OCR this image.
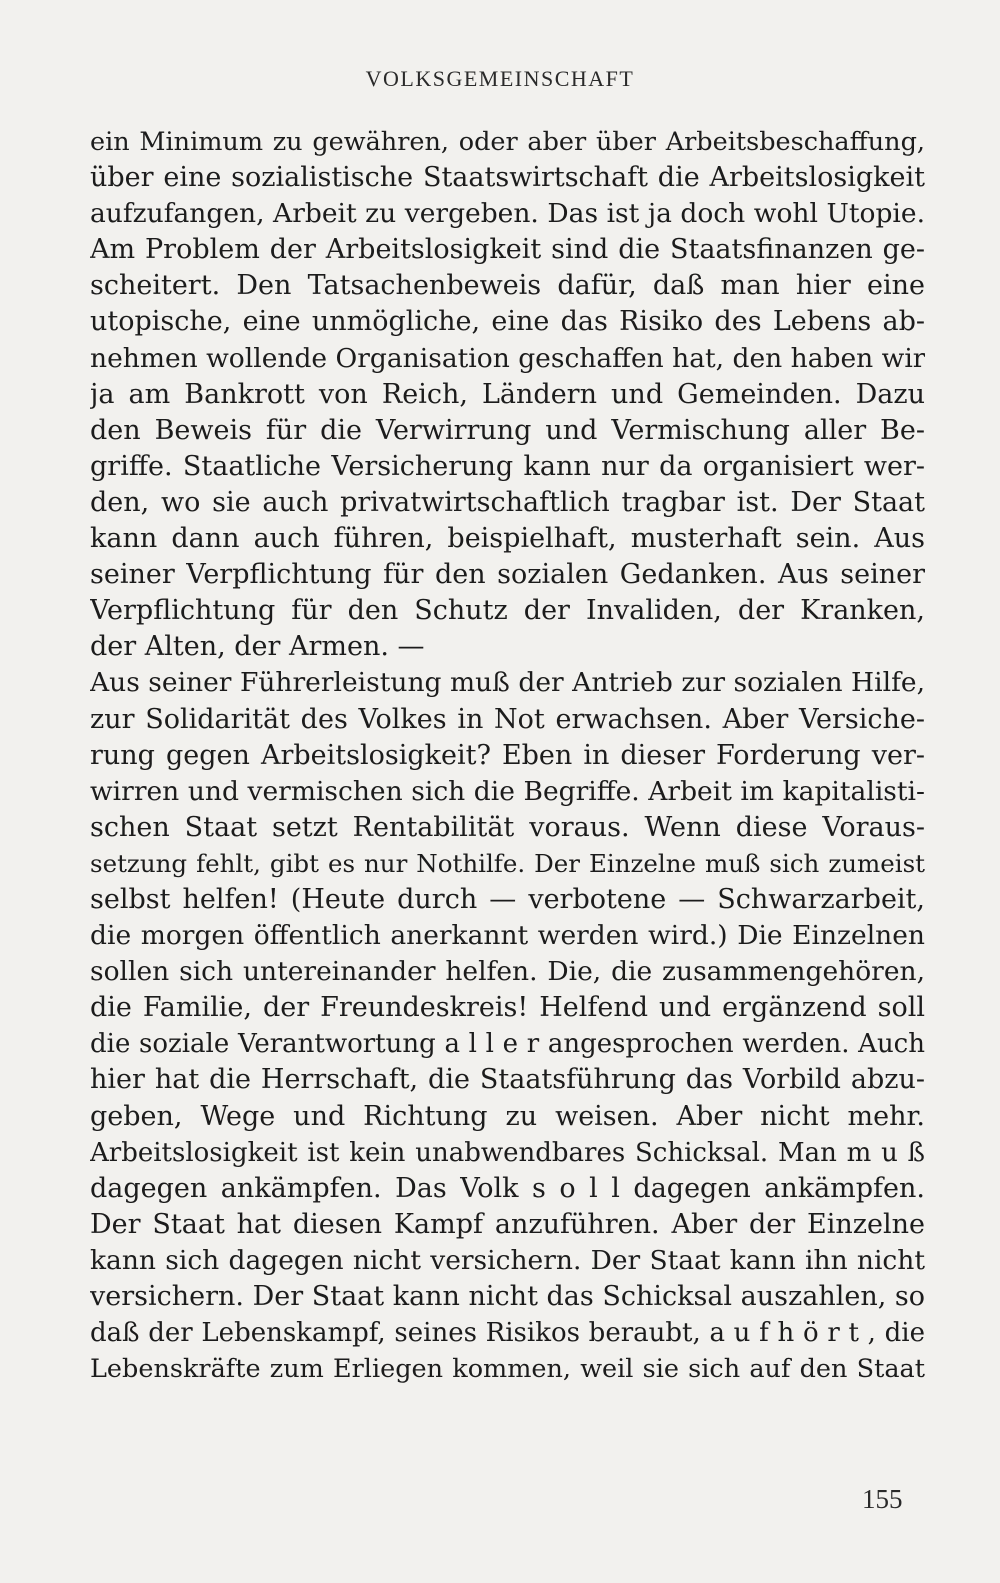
VOLKSGEMEINSCHAFT
ein Minimum zu gewähren, oder aber über Arbeitsbeschaffung,
über eine sozialistische Staatswirtschaft die Arbeitslosigkeit
aufzufangen, Arbeit zu vergeben. Das ist ja doch wohl Utopie.
Am Problem der Arbeitslosigkeit sind die Staatsfinanzen ge-
scheitert. Den Tatsachenbeweis dafür, daß man hier eine
utopische, eine unmögliche, eine das Risiko des Lebens ab-
nehmen wollende Organisation geschaffen hat, den haben wir
ja am Bankrott von Reich, Ländern und Gemeinden. Dazu
den Beweis für die Verwirrung und Vermischung aller Be-
griffe. Staatliche Versicherung kann nur da organisiert wer-
den, wo sie auch privatwirtschaftlich tragbar ist. Der Staat
kann dann auch führen, beispielhaft, musterhaft sein. Aus
seiner Verpflichtung für den sozialen Gedanken. Aus seiner
Verpflichtung für den Schutz der Invaliden, der Kranken,
der Alten, der Armen. —
Aus seiner Führerleistung muß der Antrieb zur sozialen Hilfe,
zur Solidarität des Volkes in Not erwachsen. Aber Versiche-
rung gegen Arbeitslosigkeit? Eben in dieser Forderung ver-
wirren und vermischen sich die Begriffe. Arbeit im kapitalisti-
schen Staat setzt Rentabilität voraus. Wenn diese Voraus-
setzung fehlt, gibt es nur Nothilfe. Der Einzelne muß sich zumeist
selbst helfen! (Heute durch — verbotene — Schwarzarbeit,
die morgen öffentlich anerkannt werden wird.) Die Einzelnen
sollen sich untereinander helfen. Die, die zusammengehören,
die Familie, der Freundeskreis! Helfend und ergänzend soll
die soziale Verantwortung a l l e r angesprochen werden. Auch
hier hat die Herrschaft, die Staatsführung das Vorbild abzu-
geben, Wege und Richtung zu weisen. Aber nicht mehr.
Arbeitslosigkeit ist kein unabwendbares Schicksal. Man m u ß
dagegen ankämpfen. Das Volk s o l l dagegen ankämpfen.
Der Staat hat diesen Kampf anzuführen. Aber der Einzelne
kann sich dagegen nicht versichern. Der Staat kann ihn nicht
versichern. Der Staat kann nicht das Schicksal auszahlen, so
daß der Lebenskampf, seines Risikos beraubt, a u f h ö r t , die
Lebenskräfte zum Erliegen kommen, weil sie sich auf den Staat
155
